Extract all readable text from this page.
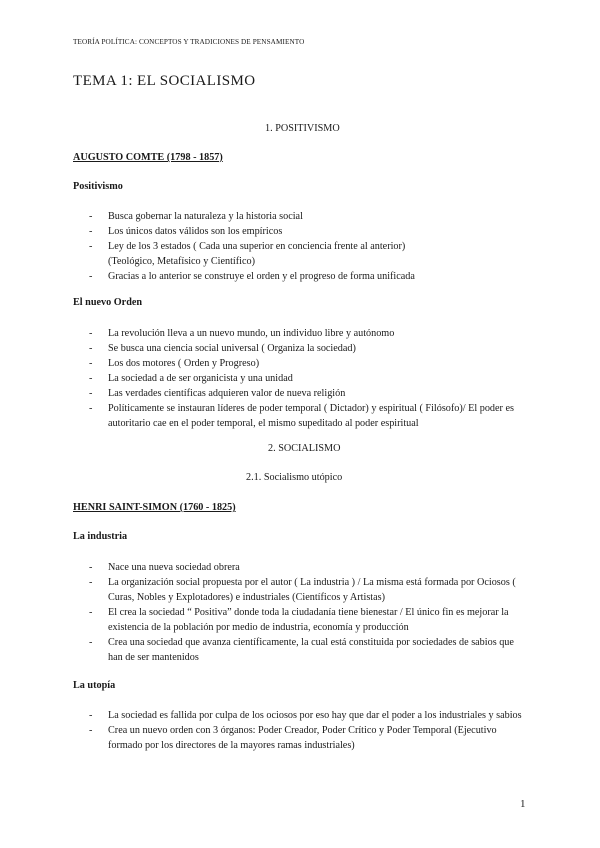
TEORÍA POLÍTICA: CONCEPTOS Y TRADICIONES DE PENSAMIENTO
TEMA 1: EL SOCIALISMO
1. POSITIVISMO
AUGUSTO COMTE (1798 - 1857)
Positivismo
- Busca gobernar la naturaleza y la historia social
- Los únicos datos válidos son los empíricos
- Ley de los 3 estados ( Cada una superior en conciencia frente al anterior)
(Teológico, Metafísico y Científico)
- Gracias a lo anterior se construye el orden y el progreso de forma unificada
El nuevo Orden
- La revolución lleva a un nuevo mundo, un individuo libre y autónomo
- Se busca una ciencia social universal ( Organiza la sociedad)
- Los dos motores ( Orden y Progreso)
- La sociedad a de ser organicista y una unidad
- Las verdades científicas adquieren valor de nueva religión
- Políticamente se instauran líderes de poder temporal ( Dictador) y espiritual ( Filósofo)/ El poder es autoritario cae en el poder temporal, el mismo supeditado al poder espiritual
2. SOCIALISMO
2.1. Socialismo utópico
HENRI SAINT-SIMON (1760 - 1825)
La industria
- Nace una nueva sociedad obrera
- La organización social propuesta por el autor ( La industria ) / La misma está formada por Ociosos ( Curas, Nobles y Explotadores) e industriales (Científicos y Artistas)
- El crea la sociedad “ Positiva” donde toda la ciudadanía tiene bienestar / El único fin es mejorar la existencia de la población por medio de industria, economía y producción
- Crea una sociedad que avanza científicamente, la cual está constituida por sociedades de sabios que han de ser mantenidos
La utopía
- La sociedad es fallida por culpa de los ociosos por eso hay que dar el poder a los industriales y sabios
- Crea un nuevo orden con 3 órganos: Poder Creador, Poder Crítico y Poder Temporal (Ejecutivo formado por los directores de la mayores ramas industriales)
1
